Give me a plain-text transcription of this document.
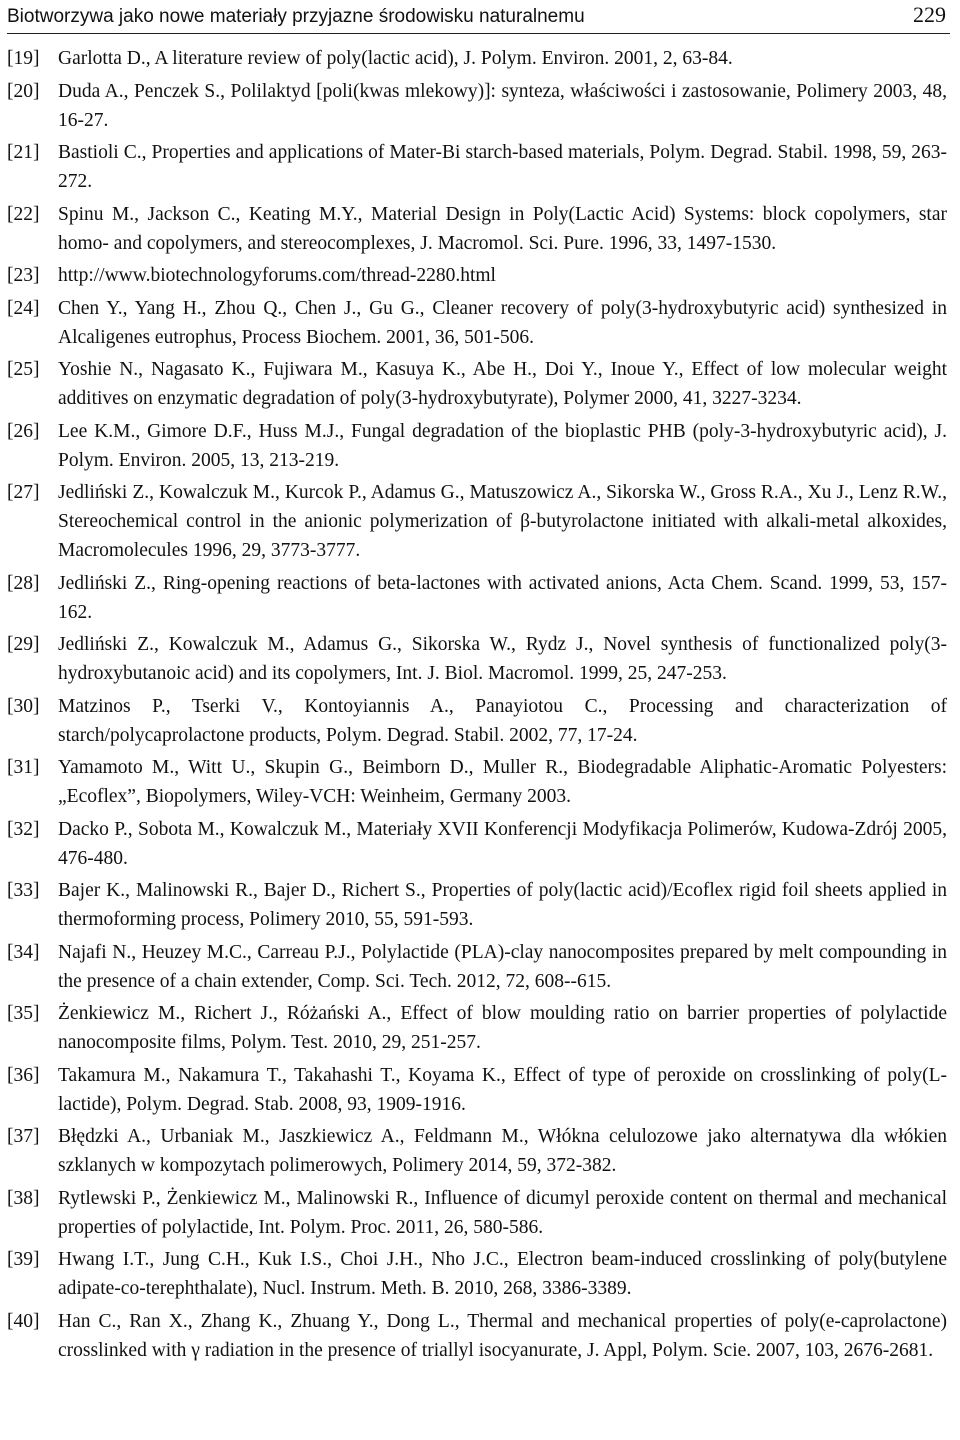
Biotworzywa jako nowe materiały przyjazne środowisku naturalnemu	229
[19] Garlotta D., A literature review of poly(lactic acid), J. Polym. Environ. 2001, 2, 63-84.
[20] Duda A., Penczek S., Polilaktyd [poli(kwas mlekowy)]: synteza, właściwości i zastosowanie, Polimery 2003, 48, 16-27.
[21] Bastioli C., Properties and applications of Mater-Bi starch-based materials, Polym. Degrad. Stabil. 1998, 59, 263-272.
[22] Spinu M., Jackson C., Keating M.Y., Material Design in Poly(Lactic Acid) Systems: block copolymers, star homo- and copolymers, and stereocomplexes, J. Macromol. Sci. Pure. 1996, 33, 1497-1530.
[23] http://www.biotechnologyforums.com/thread-2280.html
[24] Chen Y., Yang H., Zhou Q., Chen J., Gu G., Cleaner recovery of poly(3-hydroxybutyric acid) synthesized in Alcaligenes eutrophus, Process Biochem. 2001, 36, 501-506.
[25] Yoshie N., Nagasato K., Fujiwara M., Kasuya K., Abe H., Doi Y., Inoue Y., Effect of low molecular weight additives on enzymatic degradation of poly(3-hydroxybutyrate), Polymer 2000, 41, 3227-3234.
[26] Lee K.M., Gimore D.F., Huss M.J., Fungal degradation of the bioplastic PHB (poly-3-hydroxybutyric acid), J. Polym. Environ. 2005, 13, 213-219.
[27] Jedliński Z., Kowalczuk M., Kurcok P., Adamus G., Matuszowicz A., Sikorska W., Gross R.A., Xu J., Lenz R.W., Stereochemical control in the anionic polymerization of β-butyrolactone initiated with alkali-metal alkoxides, Macromolecules 1996, 29, 3773-3777.
[28] Jedliński Z., Ring-opening reactions of beta-lactones with activated anions, Acta Chem. Scand. 1999, 53, 157-162.
[29] Jedliński Z., Kowalczuk M., Adamus G., Sikorska W., Rydz J., Novel synthesis of functionalized poly(3-hydroxybutanoic acid) and its copolymers, Int. J. Biol. Macromol. 1999, 25, 247-253.
[30] Matzinos P., Tserki V., Kontoyiannis A., Panayiotou C., Processing and characterization of starch/polycaprolactone products, Polym. Degrad. Stabil. 2002, 77, 17-24.
[31] Yamamoto M., Witt U., Skupin G., Beimborn D., Muller R., Biodegradable Aliphatic-Aromatic Polyesters: „Ecoflex”, Biopolymers, Wiley-VCH: Weinheim, Germany 2003.
[32] Dacko P., Sobota M., Kowalczuk M., Materiały XVII Konferencji Modyfikacja Polimerów, Kudowa-Zdrój 2005, 476-480.
[33] Bajer K., Malinowski R., Bajer D., Richert S., Properties of poly(lactic acid)/Ecoflex rigid foil sheets applied in thermoforming process, Polimery 2010, 55, 591-593.
[34] Najafi N., Heuzey M.C., Carreau P.J., Polylactide (PLA)-clay nanocomposites prepared by melt compounding in the presence of a chain extender, Comp. Sci. Tech. 2012, 72, 608--615.
[35] Żenkiewicz M., Richert J., Różański A., Effect of blow moulding ratio on barrier properties of polylactide nanocomposite films, Polym. Test. 2010, 29, 251-257.
[36] Takamura M., Nakamura T., Takahashi T., Koyama K., Effect of type of peroxide on crosslinking of poly(L-lactide), Polym. Degrad. Stab. 2008, 93, 1909-1916.
[37] Błędzki A., Urbaniak M., Jaszkiewicz A., Feldmann M., Włókna celulozowe jako alternatywa dla włókien szklanych w kompozytach polimerowych, Polimery 2014, 59, 372-382.
[38] Rytlewski P., Żenkiewicz M., Malinowski R., Influence of dicumyl peroxide content on thermal and mechanical properties of polylactide, Int. Polym. Proc. 2011, 26, 580-586.
[39] Hwang I.T., Jung C.H., Kuk I.S., Choi J.H., Nho J.C., Electron beam-induced crosslinking of poly(butylene adipate-co-terephthalate), Nucl. Instrum. Meth. B. 2010, 268, 3386-3389.
[40] Han C., Ran X., Zhang K., Zhuang Y., Dong L., Thermal and mechanical properties of poly(e-caprolactone) crosslinked with γ radiation in the presence of triallyl isocyanurate, J. Appl, Polym. Scie. 2007, 103, 2676-2681.
